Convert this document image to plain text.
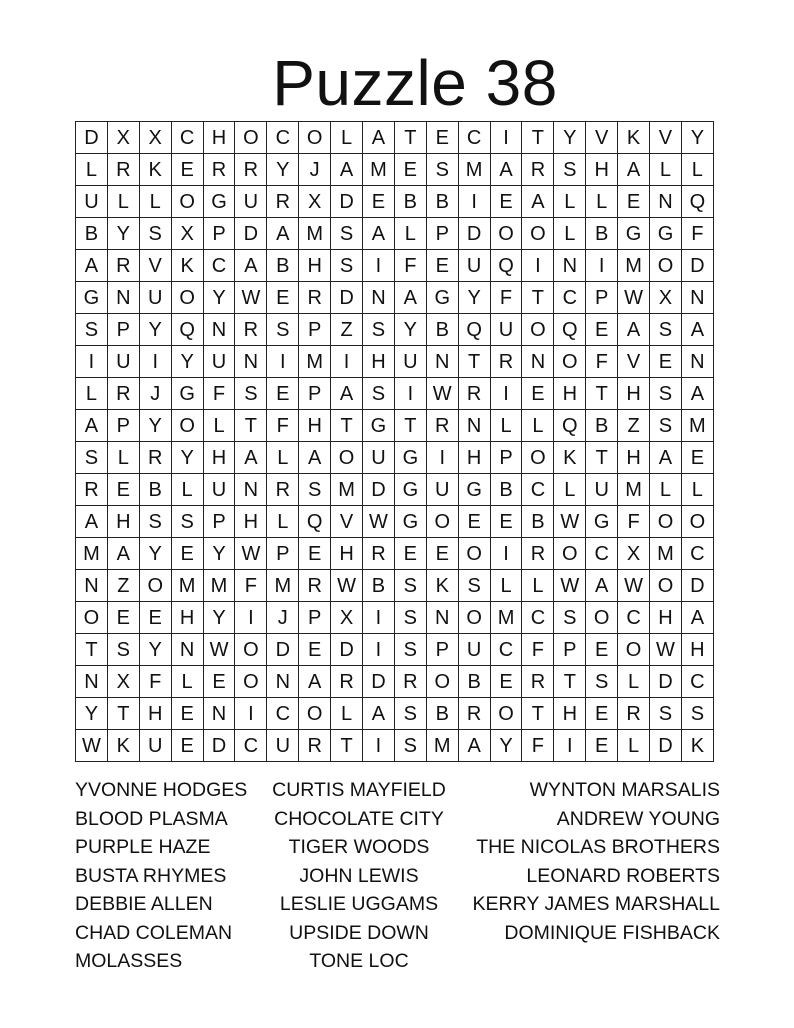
Puzzle 38
D X X C H O C O L A T E C	I	T Y V K V Y
L R K E R R Y	J	A M E S M A R S H A L	L
U L	L O G U R X D E B B	I	E A L	L E N Q
B Y S X P D A M S A L P D O O L B G G F
A R V K C A B H S	I	F E U Q	I	N	I	M O D
G N U O Y W E R D N A G Y F T C P W X N
S P Y Q N R S P Z S Y B Q U O Q E A S A
I	U	I	Y U N	I	M	I	H U N T R N O F V E N
L R J G F S E P A S	I W R	I	E H T H S A
A P Y O L	T F H T G T R N L	L Q B Z S M
S L R Y H A L A O U G	I	H P O K T H A E
R E B L U N R S M D G U G B C L U M L	L
A H S S P H L Q V W G O E E B W G F O O
M A Y E Y W P E H R E E O	I	R O C X M C
N Z O M M F M R W B S K S L	L W A W O D
O E E H Y	I	J	P X	I	S N O M C S O C H A
T S Y N W O D E D	I	S P U C F P E O W H
N X F	L E O N A R D R O B E R T S L D C
Y T H E N	I	C O L A S B R O T H E R S S
W K U E D C U R T	I	S M A Y F	I	E L D K
YVONNE HODGES
BLOOD PLASMA
PURPLE HAZE
BUSTA RHYMES
DEBBIE ALLEN
CHAD COLEMAN
MOLASSES
CURTIS MAYFIELD
CHOCOLATE CITY
TIGER WOODS
JOHN LEWIS
LESLIE UGGAMS
UPSIDE DOWN
TONE LOC
WYNTON MARSALIS
ANDREW YOUNG
THE NICOLAS BROTHERS
LEONARD ROBERTS
KERRY JAMES MARSHALL
DOMINIQUE FISHBACK
